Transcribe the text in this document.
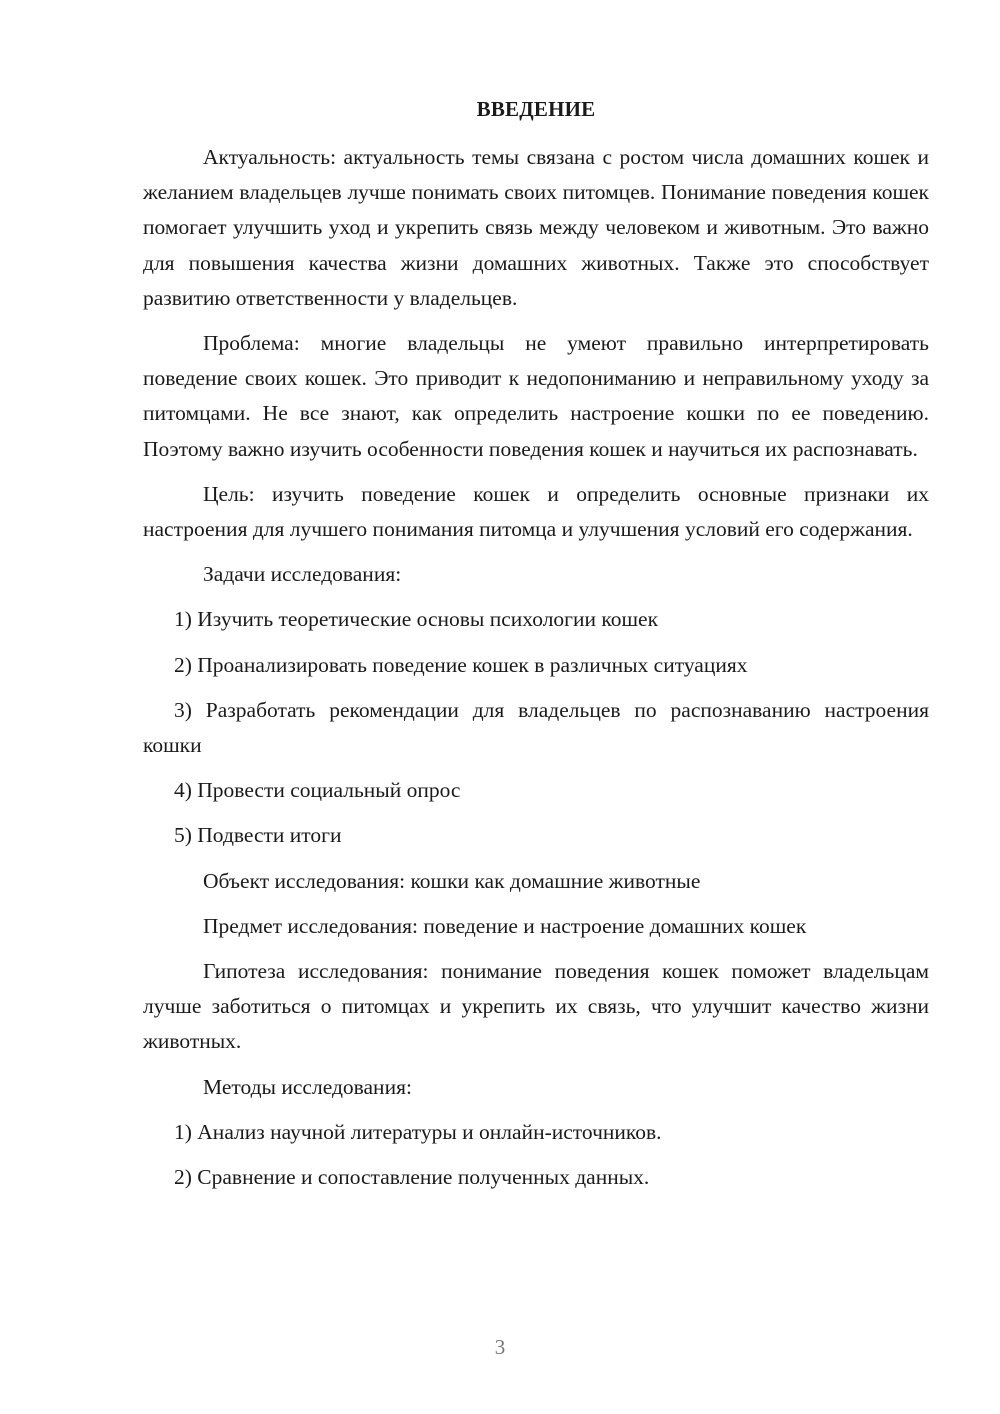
ВВЕДЕНИЕ

Актуальность: актуальность темы связана с ростом числа домашних кошек и желанием владельцев лучше понимать своих питомцев. Понимание поведения кошек помогает улучшить уход и укрепить связь между человеком и животным. Это важно для повышения качества жизни домашних животных. Также это способствует развитию ответственности у владельцев.

Проблема: многие владельцы не умеют правильно интерпретировать поведение своих кошек. Это приводит к недопониманию и неправильному уходу за питомцами. Не все знают, как определить настроение кошки по ее поведению. Поэтому важно изучить особенности поведения кошек и научиться их распознавать.

Цель: изучить поведение кошек и определить основные признаки их настроения для лучшего понимания питомца и улучшения условий его содержания.

Задачи исследования:

1) Изучить теоретические основы психологии кошек

2) Проанализировать поведение кошек в различных ситуациях

3) Разработать рекомендации для владельцев по распознаванию настроения кошки

4) Провести социальный опрос

5) Подвести итоги

Объект исследования: кошки как домашние животные

Предмет исследования: поведение и настроение домашних кошек

Гипотеза исследования: понимание поведения кошек поможет владельцам лучше заботиться о питомцах и укрепить их связь, что улучшит качество жизни животных.

Методы исследования:

1) Анализ научной литературы и онлайн-источников.

2) Сравнение и сопоставление полученных данных.

3
